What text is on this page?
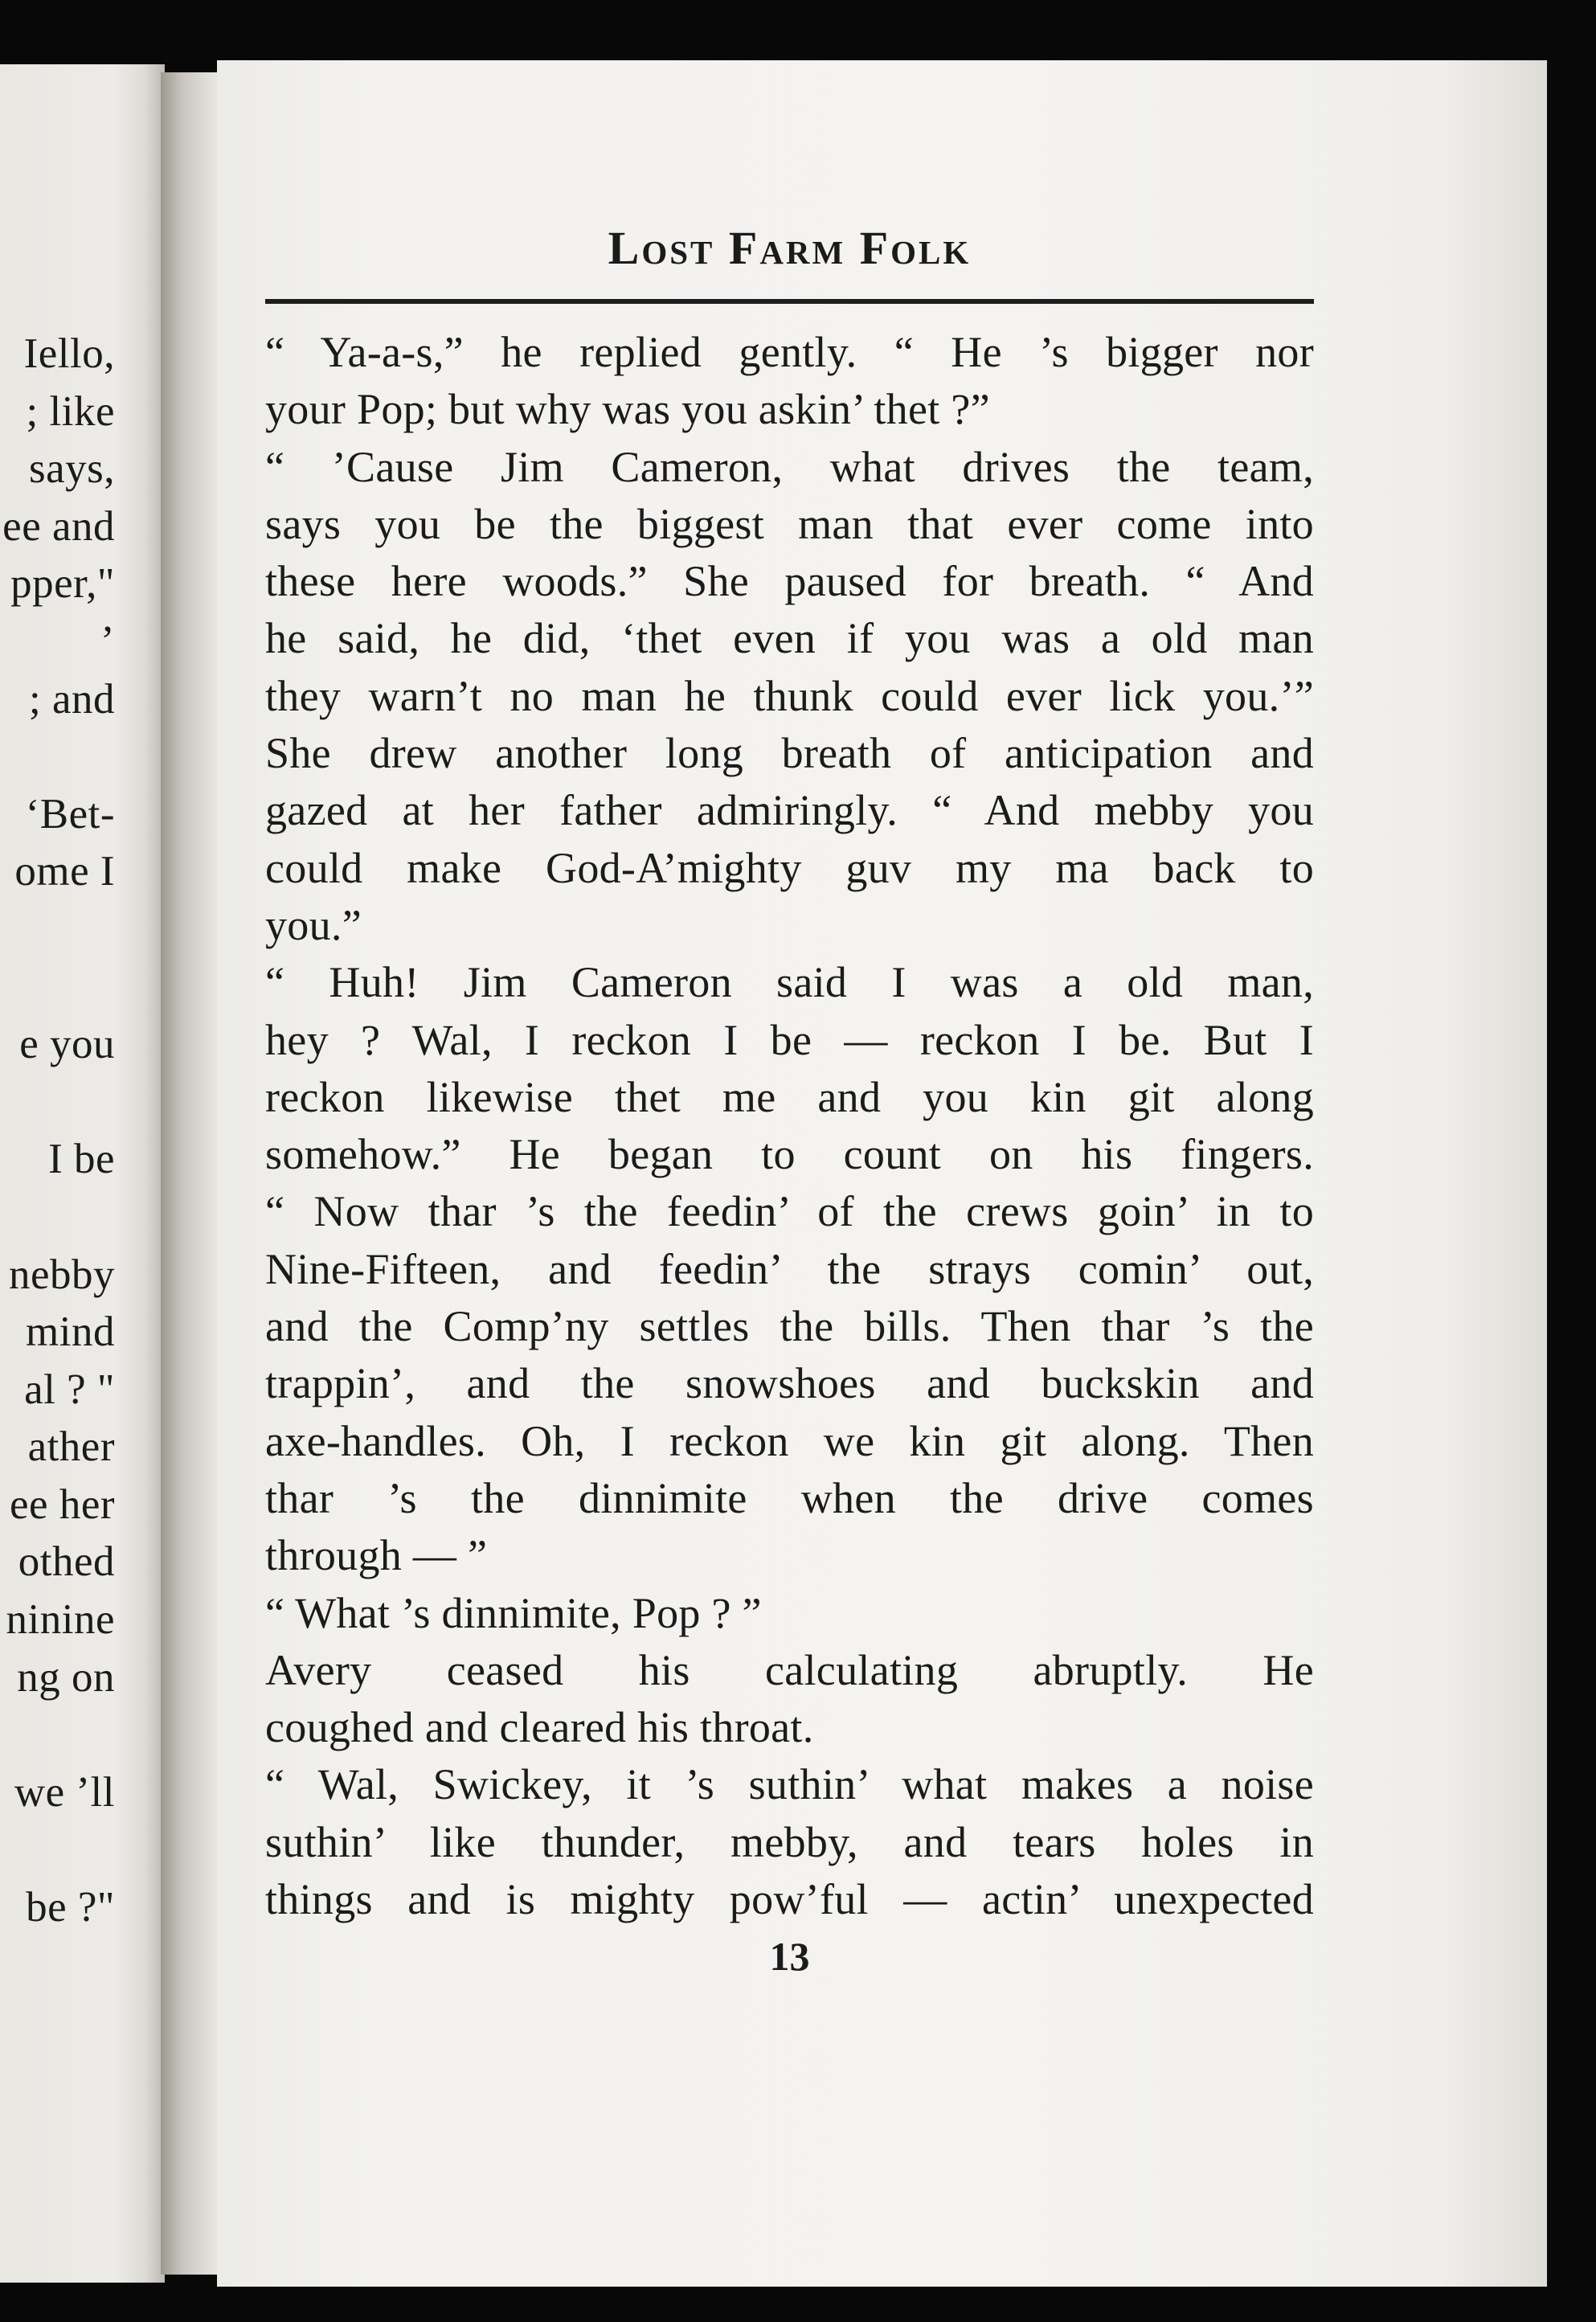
Iello,
; like
says,
ee and
pper,"
’
; and
‘Bet-
ome I
e you
I be
nebby
mind
al ? "
ather
ee her
othed
ninine
ng on
we ’ll
be ?"
Lost Farm Folk
“ Ya-a-s,” he replied gently. “ He ’s bigger nor
your Pop; but why was you askin’ thet ?”
“ ’Cause Jim Cameron, what drives the team,
says you be the biggest man that ever come into
these here woods.” She paused for breath. “ And
he said, he did, ‘thet even if you was a old man
they warn’t no man he thunk could ever lick you.’”
She drew another long breath of anticipation and
gazed at her father admiringly. “ And mebby you
could make God-A’mighty guv my ma back to
you.”
“ Huh! Jim Cameron said I was a old man,
hey ? Wal, I reckon I be — reckon I be. But I
reckon likewise thet me and you kin git along
somehow.” He began to count on his fingers.
“ Now thar ’s the feedin’ of the crews goin’ in to
Nine-Fifteen, and feedin’ the strays comin’ out,
and the Comp’ny settles the bills. Then thar ’s the
trappin’, and the snowshoes and buckskin and
axe-handles. Oh, I reckon we kin git along. Then
thar ’s the dinnimite when the drive comes
through — ”
“ What ’s dinnimite, Pop ? ”
Avery ceased his calculating abruptly. He
coughed and cleared his throat.
“ Wal, Swickey, it ’s suthin’ what makes a noise
suthin’ like thunder, mebby, and tears holes in
things and is mighty pow’ful — actin’ unexpected
13
